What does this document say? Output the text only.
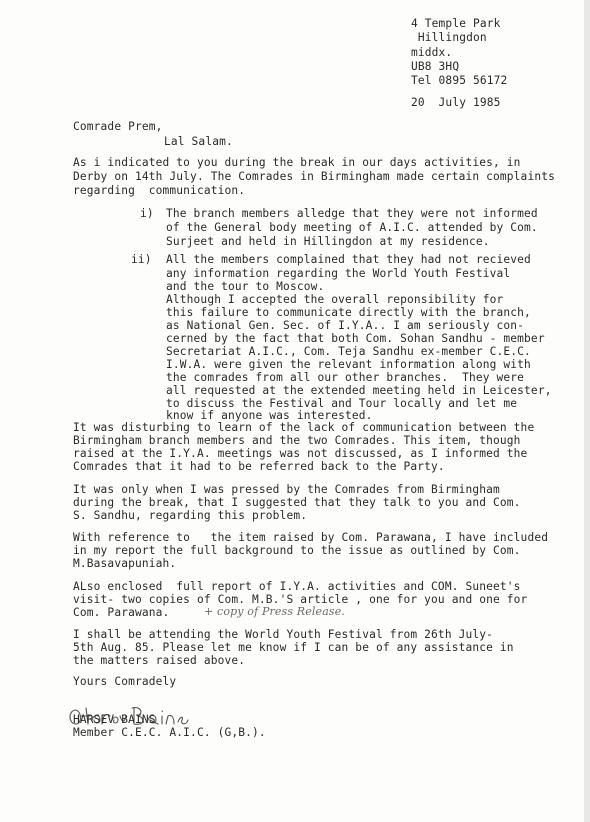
4 Temple Park
Hillingdon
middx.
UB8 3HQ
Tel 0895 56172
20  July 1985
Comrade Prem,
Lal Salam.
As i indicated to you during the break in our days activities, in
Derby on 14th July. The Comrades in Birmingham made certain complaints
regarding  communication.
i) The branch members alledge that they were not informed
of the General body meeting of A.I.C. attended by Com.
Surjeet and held in Hillingdon at my residence.
ii) All the members complained that they had not recieved
any information regarding the World Youth Festival
and the tour to Moscow.
Although I accepted the overall reponsibility for
this failure to communicate directly with the branch,
as National Gen. Sec. of I.Y.A.. I am seriously con-
cerned by the fact that both Com. Sohan Sandhu - member
Secretariat A.I.C., Com. Teja Sandhu ex-member C.E.C.
I.W.A. were given the relevant information along with
the comrades from all our other branches.  They were
all requested at the extended meeting held in Leicester,
to discuss the Festival and Tour locally and let me
know if anyone was interested.
It was disturbing to learn of the lack of communication between the
Birmingham branch members and the two Comrades. This item, though
raised at the I.Y.A. meetings was not discussed, as I informed the
Comrades that it had to be referred back to the Party.
It was only when I was pressed by the Comrades from Birmingham
during the break, that I suggested that they talk to you and Com.
S. Sandhu, regarding this problem.
With reference to   the item raised by Com. Parawana, I have included
in my report the full background to the issue as outlined by Com.
M.Basavapuniah.
ALso enclosed  full report of I.Y.A. activities and COM. Suneet's
visit- two copies of Com. M.B.'S article , one for you and one for
Com. Parawana.	+ copy of Press Release.
I shall be attending the World Youth Festival from 26th July-
5th Aug. 85. Please let me know if I can be of any assistance in
the matters raised above.
Yours Comradely
HARSEV BAINS
Member C.E.C. A.I.C. (G,B.).
